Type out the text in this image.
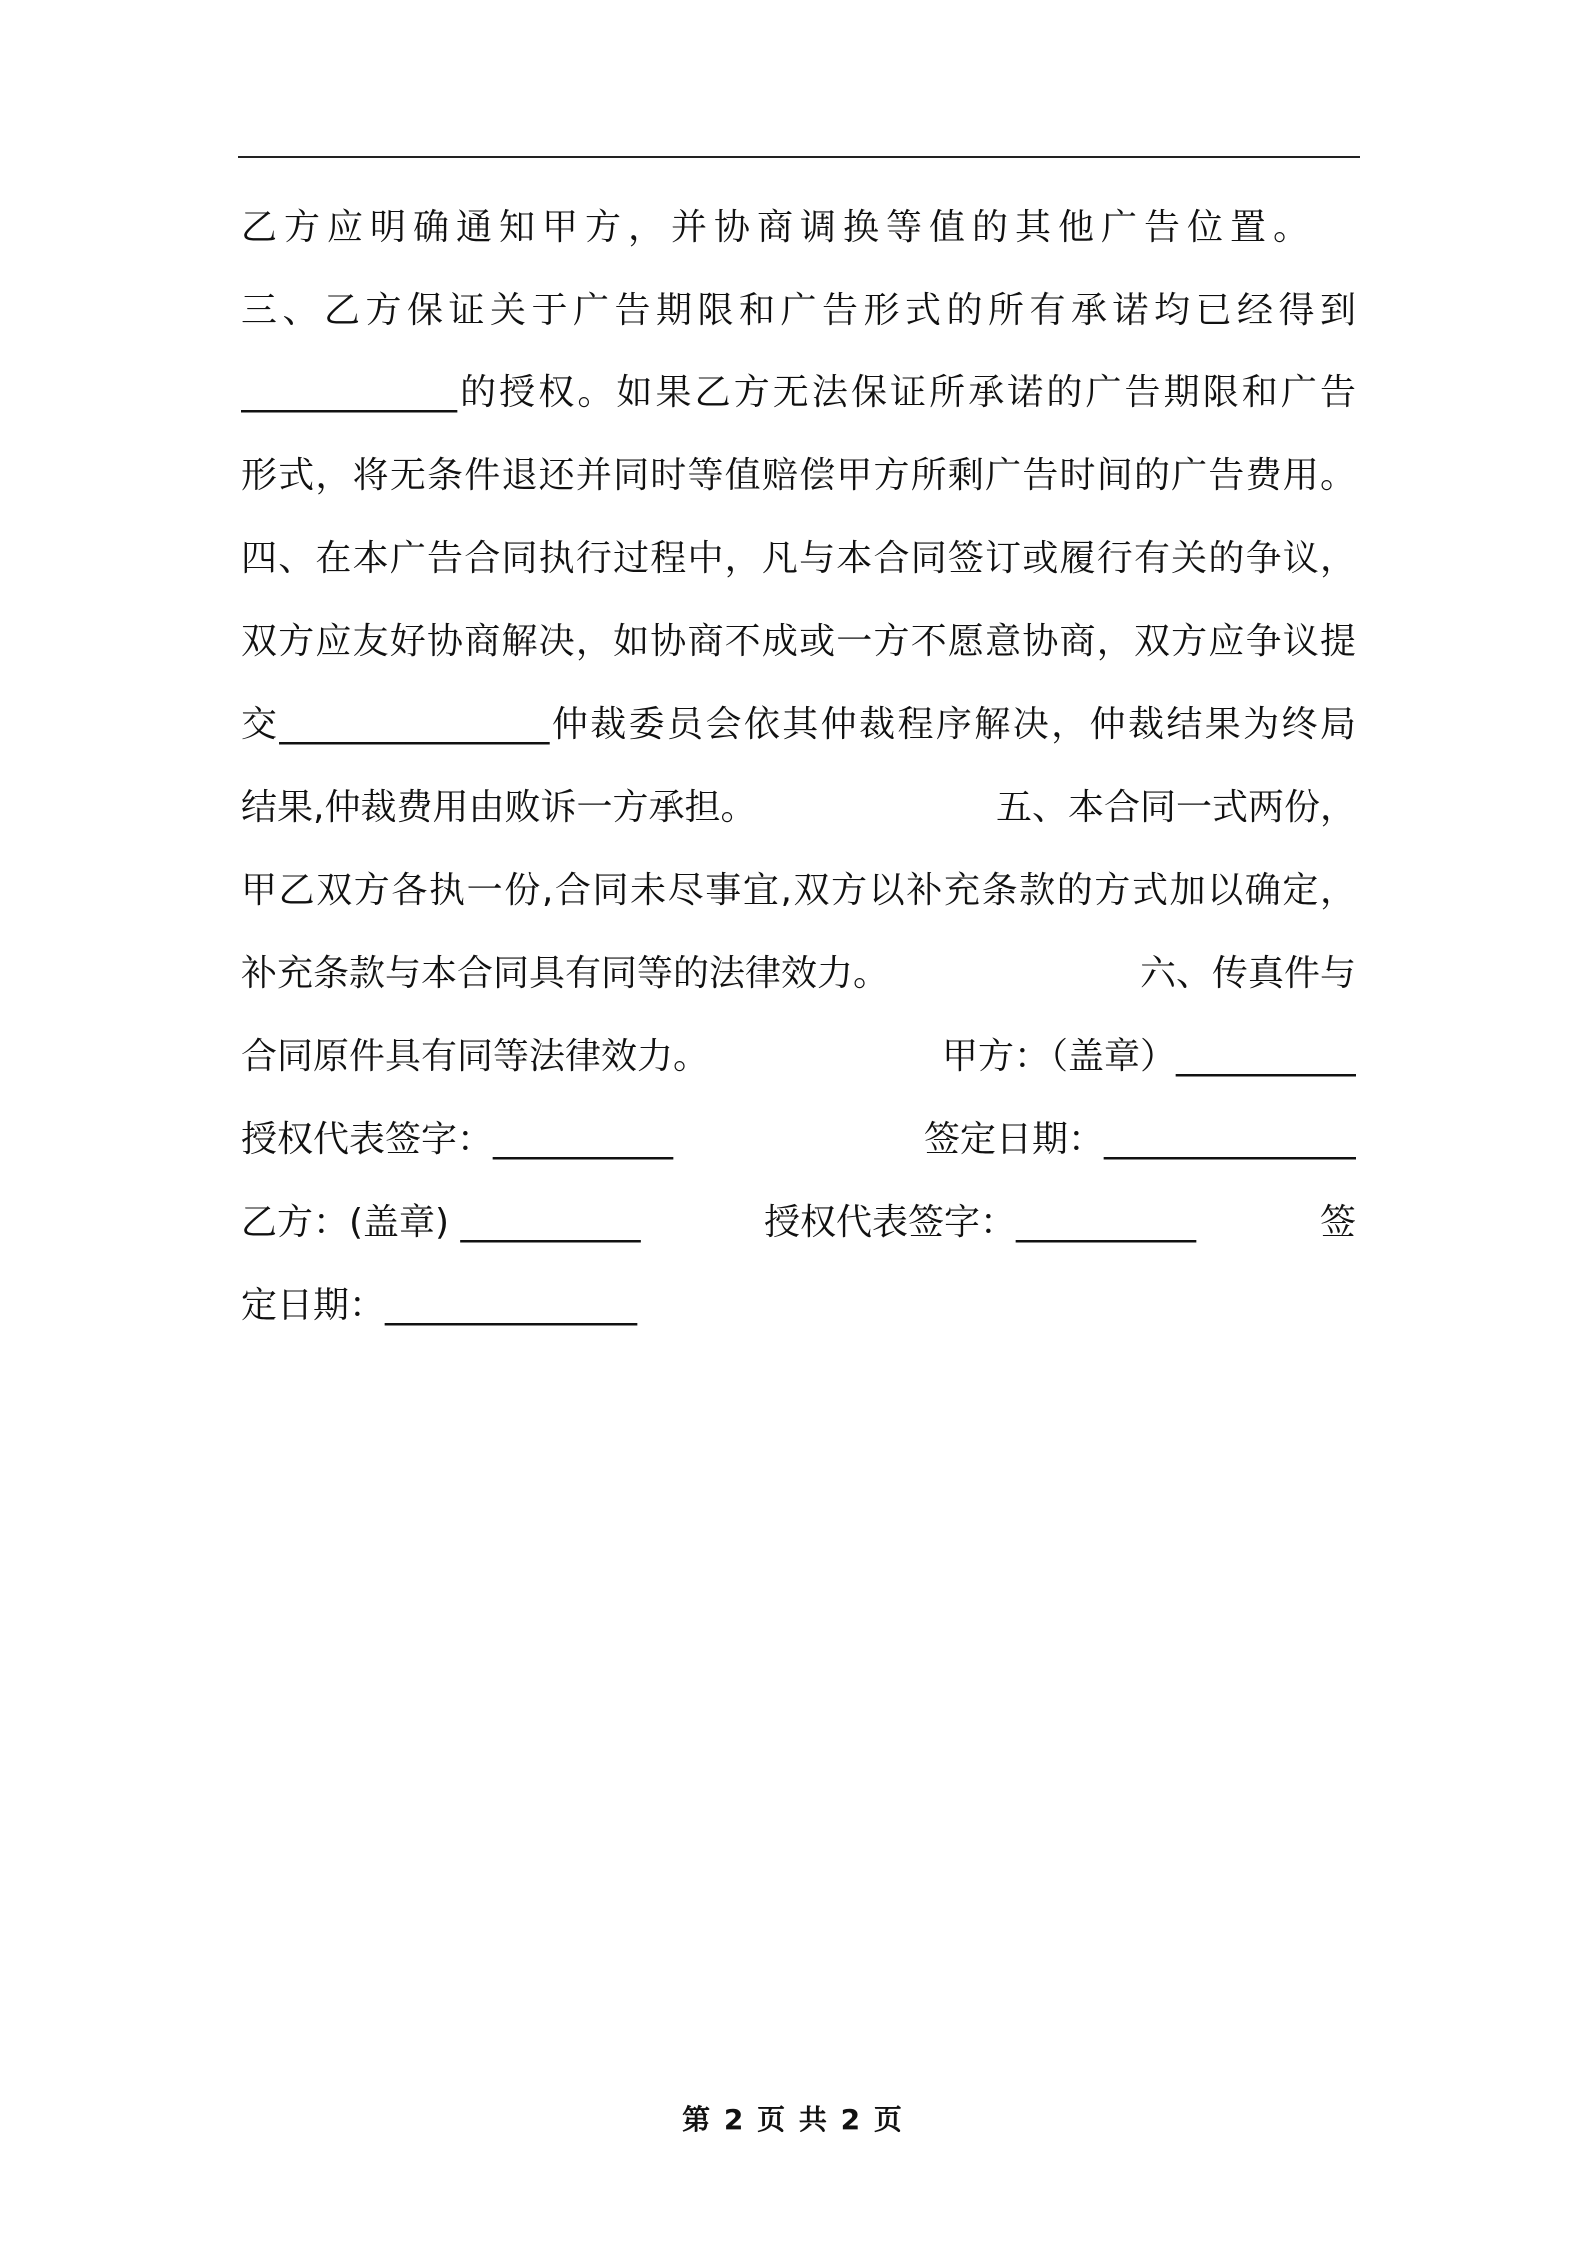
乙方应明确通知甲方，并协商调换等值的其他广告位置。
三、乙方保证关于广告期限和广告形式的所有承诺均已经得到
____________的授权。如果乙方无法保证所承诺的广告期限和广告
形式，将无条件退还并同时等值赔偿甲方所剩广告时间的广告费用。
四、在本广告合同执行过程中，凡与本合同签订或履行有关的争议，
双方应友好协商解决，如协商不成或一方不愿意协商，双方应争议提
交_______________仲裁委员会依其仲裁程序解决，仲裁结果为终局
结果,仲裁费用由败诉一方承担。	五、本合同一式两份，
甲乙双方各执一份,合同未尽事宜,双方以补充条款的方式加以确定，
补充条款与本合同具有同等的法律效力。	六、传真件与
合同原件具有同等法律效力。	甲方：（盖章）__________
授权代表签字：__________	签定日期：______________
乙方：(盖章) __________	授权代表签字：__________	签
定日期：______________
第 2 页 共 2 页
